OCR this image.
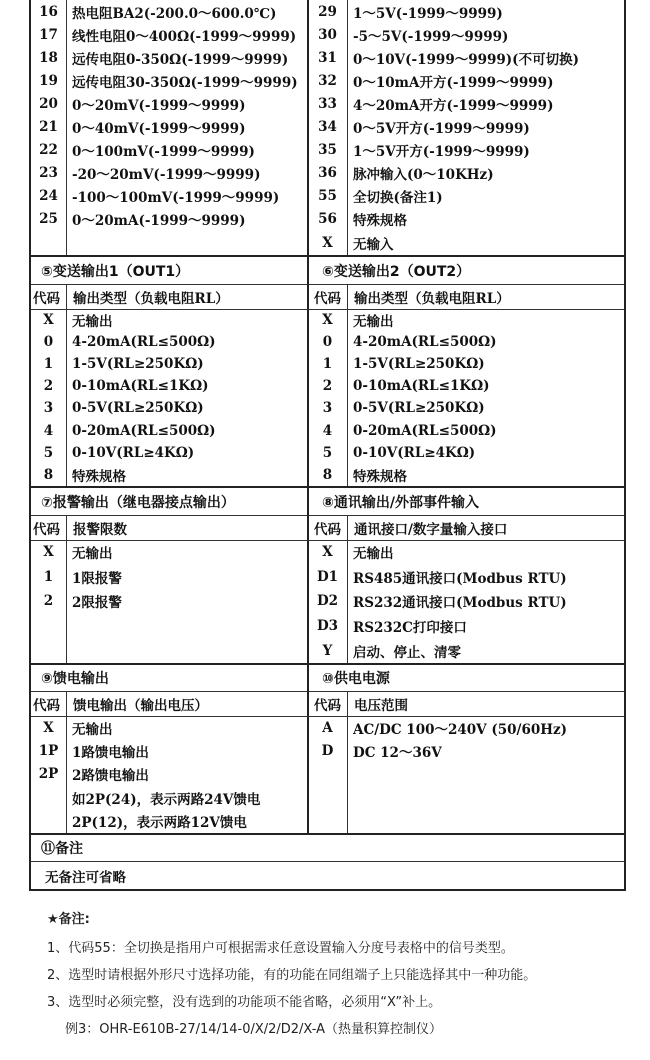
16	热电阻BA2(-200.0～600.0℃)
17	线性电阻0～400Ω(-1999～9999)
18	远传电阻0-350Ω(-1999～9999)
19	远传电阻30-350Ω(-1999～9999)
20	0～20mV(-1999～9999)
21	0～40mV(-1999～9999)
22	0～100mV(-1999～9999)
23	-20～20mV(-1999～9999)
24	-100～100mV(-1999～9999)
25	0～20mA(-1999～9999)
29	1～5V(-1999～9999)
30	-5～5V(-1999～9999)
31	0～10V(-1999～9999)(不可切换)
32	0～10mA开方(-1999～9999)
33	4～20mA开方(-1999～9999)
34	0～5V开方(-1999～9999)
35	1～5V开方(-1999～9999)
36	脉冲输入(0～10KHz)
55	全切换(备注1)
56	特殊规格
X	无输入
⑤变送输出1（OUT1）	⑥变送输出2（OUT2）
代码 输出类型（负载电阻RL）	代码 输出类型（负载电阻RL）
X	无输出
0	4-20mA(RL≤500Ω)
1	1-5V(RL≥250KΩ)
2	0-10mA(RL≤1KΩ)
3	0-5V(RL≥250KΩ)
4	0-20mA(RL≤500Ω)
5	0-10V(RL≥4KΩ)
8	特殊规格
X	无输出
0	4-20mA(RL≤500Ω)
1	1-5V(RL≥250KΩ)
2	0-10mA(RL≤1KΩ)
3	0-5V(RL≥250KΩ)
4	0-20mA(RL≤500Ω)
5	0-10V(RL≥4KΩ)
8	特殊规格
⑦报警输出（继电器接点输出）	⑧通讯输出/外部事件输入
代码 报警限数	代码 通讯接口/数字量输入接口
X	无输出
1	1限报警
2	2限报警
X	无输出
D1	RS485通讯接口(Modbus RTU)
D2	RS232通讯接口(Modbus RTU)
D3	RS232C打印接口
Y	启动、停止、清零
⑨馈电输出	⑩供电电源
代码 馈电输出（输出电压）	代码 电压范围
X	无输出
1P	1路馈电输出
2P	2路馈电输出
如2P(24)，表示两路24V馈电
2P(12)，表示两路12V馈电
A	AC/DC 100～240V (50/60Hz)
D	DC 12～36V
⑪备注
无备注可省略
★备注:
1、代码55：全切换是指用户可根据需求任意设置输入分度号表格中的信号类型。
2、选型时请根据外形尺寸选择功能，有的功能在同组端子上只能选择其中一种功能。
3、选型时必须完整，没有选到的功能项不能省略，必须用“X”补上。
例3：OHR-E610B-27/14/14-0/X/2/D2/X-A（热量积算控制仪）
